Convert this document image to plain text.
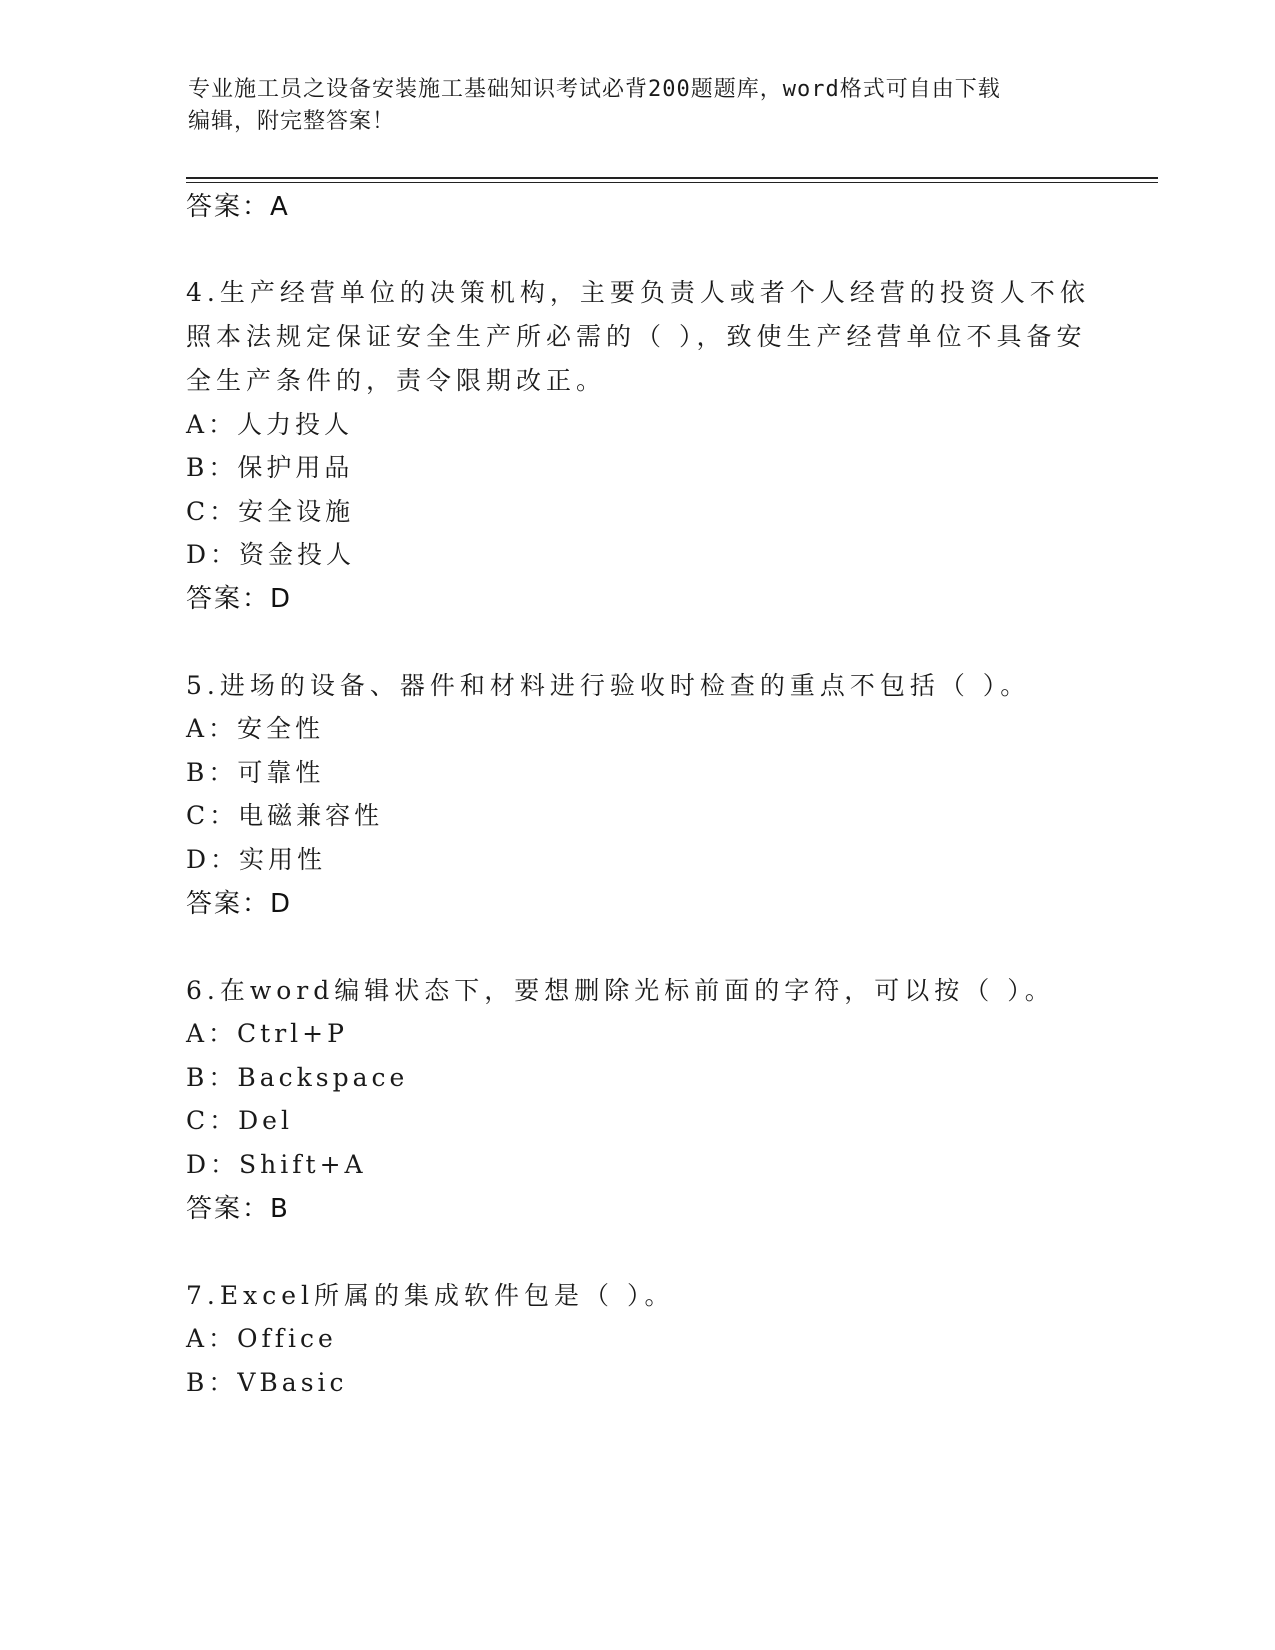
专业施工员之设备安装施工基础知识考试必背200题题库，word格式可自由下载
编辑，附完整答案！
答案：A
4.生产经营单位的决策机构，主要负责人或者个人经营的投资人不依
照本法规定保证安全生产所必需的（ ），致使生产经营单位不具备安
全生产条件的，责令限期改正。
A：人力投人
B：保护用品
C：安全设施
D：资金投人
答案：D
5.进场的设备、器件和材料进行验收时检查的重点不包括（ ）。
A：安全性
B：可靠性
C：电磁兼容性
D：实用性
答案：D
6.在word编辑状态下，要想删除光标前面的字符，可以按（ ）。
A：Ctrl+P
B：Backspace
C：Del
D：Shift+A
答案：B
7.Excel所属的集成软件包是（ ）。
A：Office
B：VBasic
